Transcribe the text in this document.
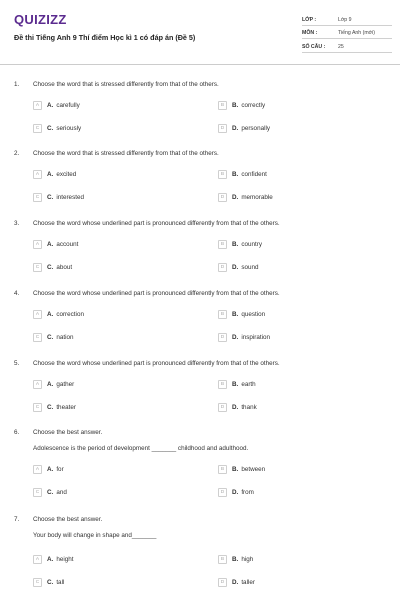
QUIZIZZ
Đề thi Tiếng Anh 9 Thí điểm Học kì 1 có đáp án (Đề 5)
LỚP :	Lớp 9
MÔN :	Tiếng Anh (mới)
SỐ CÂU :	25
1. Choose the word that is stressed differently from that of the others.
A	A. carefully	B	B. correctly
C	C. seriously	D	D. personally
2. Choose the word that is stressed differently from that of the others.
A	A. excited	B	B. confident
C	C. interested	D	D. memorable
3. Choose the word whose underlined part is pronounced differently from that of the others.
A	A. account	B	B. country
C	C. about	D	D. sound
4. Choose the word whose underlined part is pronounced differently from that of the others.
A	A. correction	B	B. question
C	C. nation	D	D. inspiration
5. Choose the word whose underlined part is pronounced differently from that of the others.
A	A. gather	B	B. earth
C	C. theater	D	D. thank
6. Choose the best answer.
Adolescence is the period of development _______ childhood and adulthood.
A	A. for	B	B. between
C	C. and	D	D. from
7. Choose the best answer.
Your body will change in shape and_______
A	A. height	B	B. high
C	C. tall	D	D. taller
